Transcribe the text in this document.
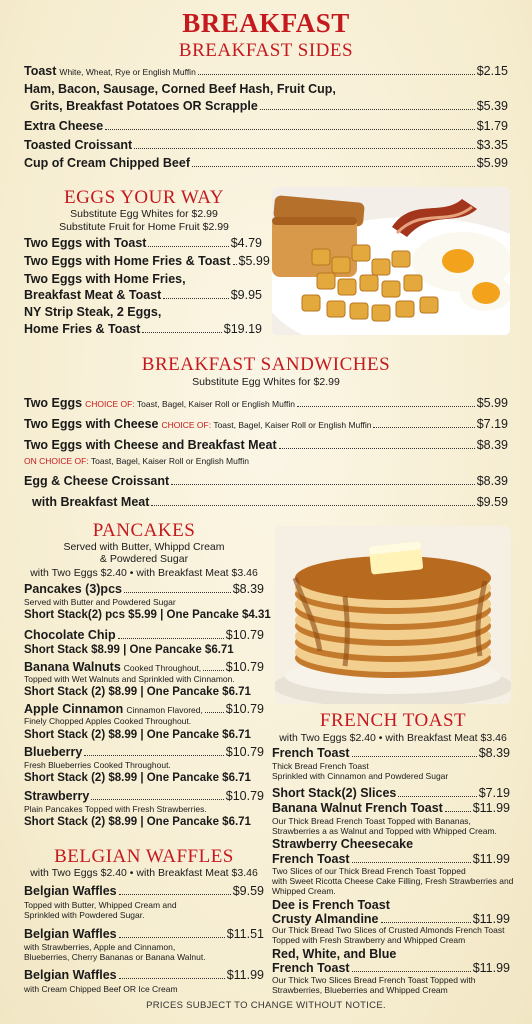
BREAKFAST
BREAKFAST SIDES
Toast White, Wheat, Rye or English Muffin	$2.15
Ham, Bacon, Sausage, Corned Beef Hash, Fruit Cup,
Grits, Breakfast Potatoes OR Scrapple	$5.39
Extra Cheese	$1.79
Toasted Croissant	$3.35
Cup of Cream Chipped Beef	$5.99
EGGS YOUR WAY
Substitute Egg Whites for $2.99
Substitute Fruit for Home Fruit $2.99
Two Eggs with Toast	$4.79
Two Eggs with Home Fries & Toast $5.99
Two Eggs with Home Fries,
Breakfast Meat & Toast	$9.95
NY Strip Steak, 2 Eggs,
Home Fries & Toast	$19.19
BREAKFAST SANDWICHES
Substitute Egg Whites for $2.99
Two Eggs CHOICE OF: Toast, Bagel, Kaiser Roll or English Muffin	$5.99
Two Eggs with Cheese CHOICE OF: Toast, Bagel, Kaiser Roll or English Muffin	$7.19
Two Eggs with Cheese and Breakfast Meat	$8.39
ON CHOICE OF: Toast, Bagel, Kaiser Roll or English Muffin
Egg & Cheese Croissant	$8.39
with Breakfast Meat	$9.59
PANCAKES
Served with Butter, Whippd Cream
& Powdered Sugar
with Two Eggs $2.40 • with Breakfast Meat $3.46
Pancakes (3)pcs	$8.39
Served with Butter and Powdered Sugar
Short Stack(2) pcs $5.99 | One Pancake $4.31
Chocolate Chip	$10.79
Short Stack $8.99 | One Pancake $6.71
Banana Walnuts Cooked Throughout, $10.79
Topped with Wet Walnuts and Sprinkled with Cinnamon.
Short Stack (2) $8.99 | One Pancake $6.71
Apple Cinnamon Cinnamon Flavored, $10.79
Finely Chopped Apples Cooked Throughout.
Short Stack (2) $8.99 | One Pancake $6.71
Blueberry	$10.79
Fresh Blueberries Cooked Throughout.
Short Stack (2) $8.99 | One Pancake $6.71
Strawberry	$10.79
Plain Pancakes Topped with Fresh Strawberries.
Short Stack (2) $8.99 | One Pancake $6.71
BELGIAN WAFFLES
with Two Eggs $2.40 • with Breakfast Meat $3.46
Belgian Waffles	$9.59
Topped with Butter, Whipped Cream and
Sprinkled with Powdered Sugar.
Belgian Waffles	$11.51
with Strawberries, Apple and Cinnamon,
Blueberries, Cherry Bananas or Banana Walnut.
Belgian Waffles	$11.99
with Cream Chipped Beef OR Ice Cream
FRENCH TOAST
with Two Eggs $2.40 • with Breakfast Meat $3.46
French Toast	$8.39
Thick Bread French Toast
Sprinkled with Cinnamon and Powdered Sugar
Short Stack(2) Slices	$7.19
Banana Walnut French Toast $11.99
Our Thick Bread French Toast Topped with Bananas,
Strawberries a as Walnut and Topped with Whipped Cream.
Strawberry Cheesecake
French Toast	$11.99
Two Slices of our Thick Bread French Toast Topped
with Sweet Ricotta Cheese Cake Filling, Fresh Strawberries and
Whipped Cream.
Dee is French Toast
Crusty Almandine	$11.99
Our Thick Bread Two Slices of Crusted Almonds French Toast
Topped with Fresh Strawberry and Whipped Cream
Red, White, and Blue
French Toast	$11.99
Our Thick Two Slices Bread French Toast Topped with
Strawberries, Blueberries and Whipped Cream
PRICES SUBJECT TO CHANGE WITHOUT NOTICE.
